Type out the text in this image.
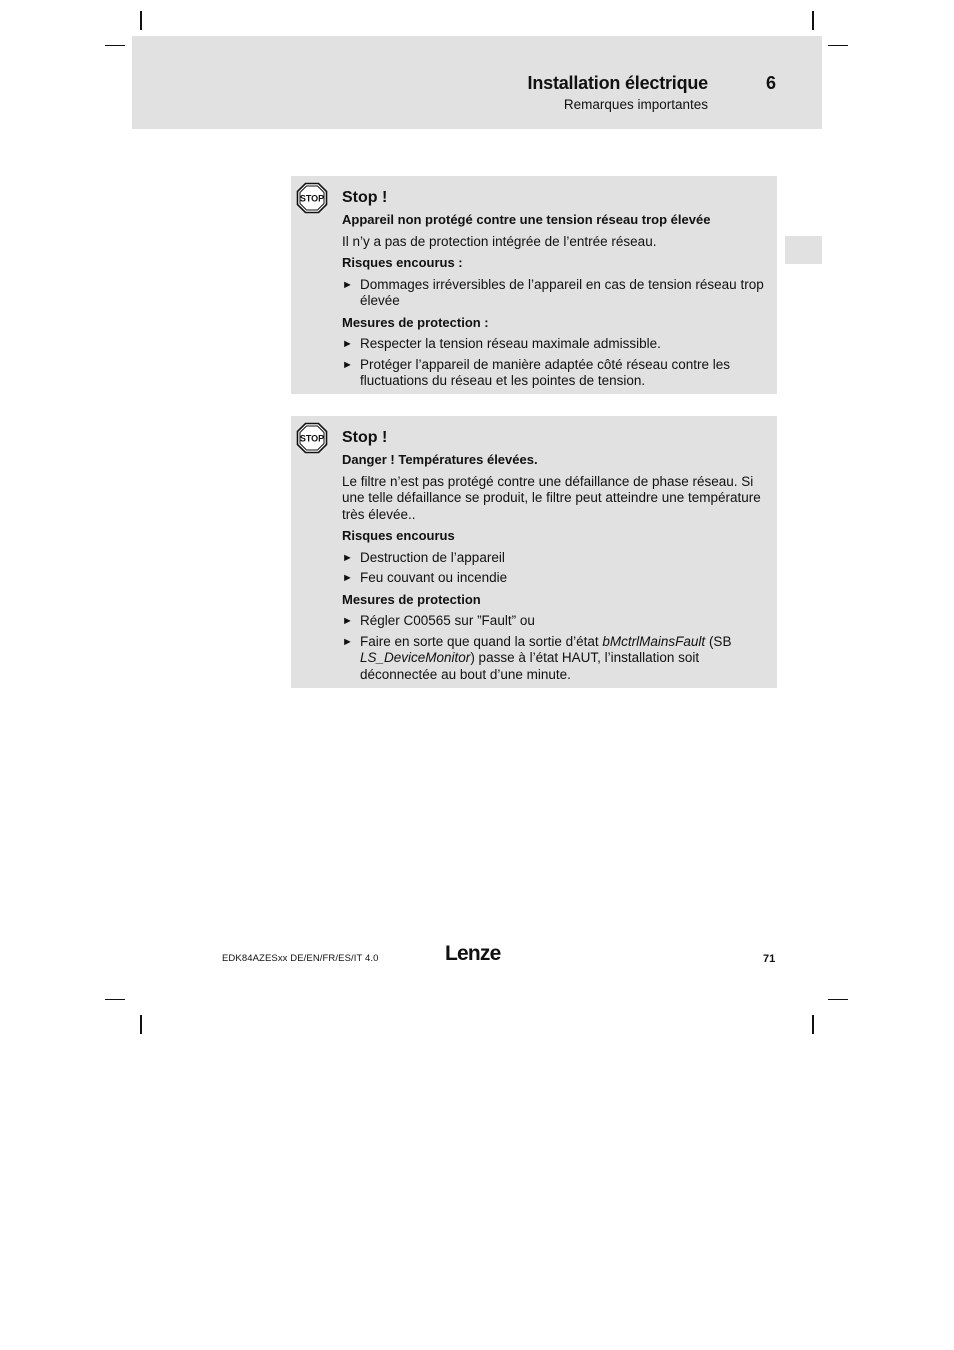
Installation électrique	6
Remarques importantes
STOP Stop !
Appareil non protégé contre une tension réseau trop élevée
Il n’y a pas de protection intégrée de l’entrée réseau.
Risques encourus :
► Dommages irréversibles de l’appareil en cas de tension réseau trop élevée
Mesures de protection :
► Respecter la tension réseau maximale admissible.
► Protéger l’appareil de manière adaptée côté réseau contre les fluctuations du réseau et les pointes de tension.
STOP Stop !
Danger ! Températures élevées.
Le filtre n’est pas protégé contre une défaillance de phase réseau. Si une telle défaillance se produit, le filtre peut atteindre une température très élevée..
Risques encourus
► Destruction de l’appareil
► Feu couvant ou incendie
Mesures de protection
► Régler C00565 sur ”Fault” ou
► Faire en sorte que quand la sortie d’état bMctrlMainsFault (SB LS_DeviceMonitor) passe à l’état HAUT, l’installation soit déconnectée au bout d’une minute.
EDK84AZESxx DE/EN/FR/ES/IT 4.0	Lenze	71
